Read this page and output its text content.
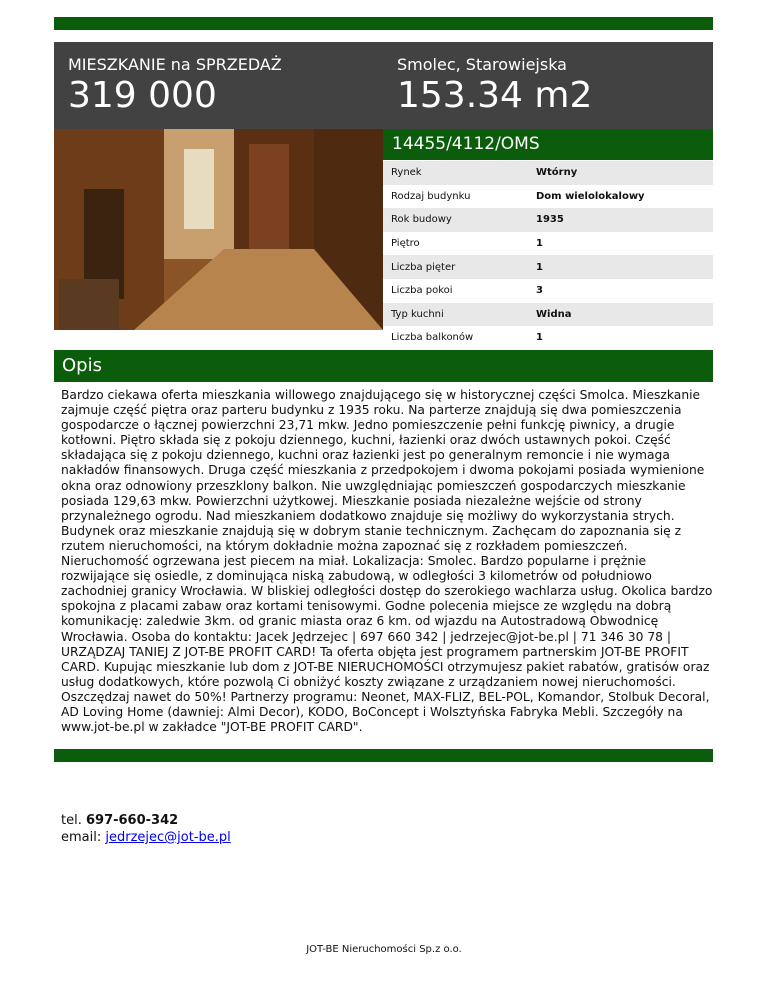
MIESZKANIE na SPRZEDAŻ
319 000
Smolec, Starowiejska
153.34 m2
14455/4112/OMS
Rynek	Wtórny
Rodzaj budynku	Dom wielolokalowy
Rok budowy	1935
Piętro	1
Liczba pięter	1
Liczba pokoi	3
Typ kuchni	Widna
Liczba balkonów	1
Opis
Bardzo ciekawa oferta mieszkania willowego znajdującego się w historycznej części Smolca. Mieszkanie zajmuje część piętra oraz parteru budynku z 1935 roku. Na parterze znajdują się dwa pomieszczenia gospodarcze o łącznej powierzchni 23,71 mkw. Jedno pomieszczenie pełni funkcję piwnicy, a drugie kotłowni. Piętro składa się z pokoju dziennego, kuchni, łazienki oraz dwóch ustawnych pokoi. Część składająca się z pokoju dziennego, kuchni oraz łazienki jest po generalnym remoncie i nie wymaga nakładów finansowych. Druga część mieszkania z przedpokojem i dwoma pokojami posiada wymienione okna oraz odnowiony przeszklony balkon. Nie uwzględniając pomieszczeń gospodarczych mieszkanie posiada 129,63 mkw. Powierzchni użytkowej. Mieszkanie posiada niezależne wejście od strony przynależnego ogrodu. Nad mieszkaniem dodatkowo znajduje się możliwy do wykorzystania strych. Budynek oraz mieszkanie znajdują się w dobrym stanie technicznym. Zachęcam do zapoznania się z rzutem nieruchomości, na którym dokładnie można zapoznać się z rozkładem pomieszczeń. Nieruchomość ogrzewana jest piecem na miał. Lokalizacja: Smolec. Bardzo popularne i prężnie rozwijające się osiedle, z dominująca niską zabudową, w odległości 3 kilometrów od południowo zachodniej granicy Wrocławia. W bliskiej odległości dostęp do szerokiego wachlarza usług. Okolica bardzo spokojna z placami zabaw oraz kortami tenisowymi. Godne polecenia miejsce ze względu na dobrą komunikację: zaledwie 3km. od granic miasta oraz 6 km. od wjazdu na Autostradową Obwodnicę Wrocławia. Osoba do kontaktu: Jacek Jędrzejec | 697 660 342 | jedrzejec@jot-be.pl | 71 346 30 78 | URZĄDZAJ TANIEJ Z JOT-BE PROFIT CARD! Ta oferta objęta jest programem partnerskim JOT-BE PROFIT CARD. Kupując mieszkanie lub dom z JOT-BE NIERUCHOMOŚCI otrzymujesz pakiet rabatów, gratisów oraz usług dodatkowych, które pozwolą Ci obniżyć koszty związane z urządzaniem nowej nieruchomości. Oszczędzaj nawet do 50%! Partnerzy programu: Neonet, MAX-FLIZ, BEL-POL, Komandor, Stolbuk Decoral, AD Loving Home (dawniej: Almi Decor), KODO, BoConcept i Wolsztyńska Fabryka Mebli. Szczegóły na www.jot-be.pl w zakładce "JOT-BE PROFIT CARD".
tel. 697-660-342
email: jedrzejec@jot-be.pl
JOT-BE Nieruchomości Sp.z o.o.
